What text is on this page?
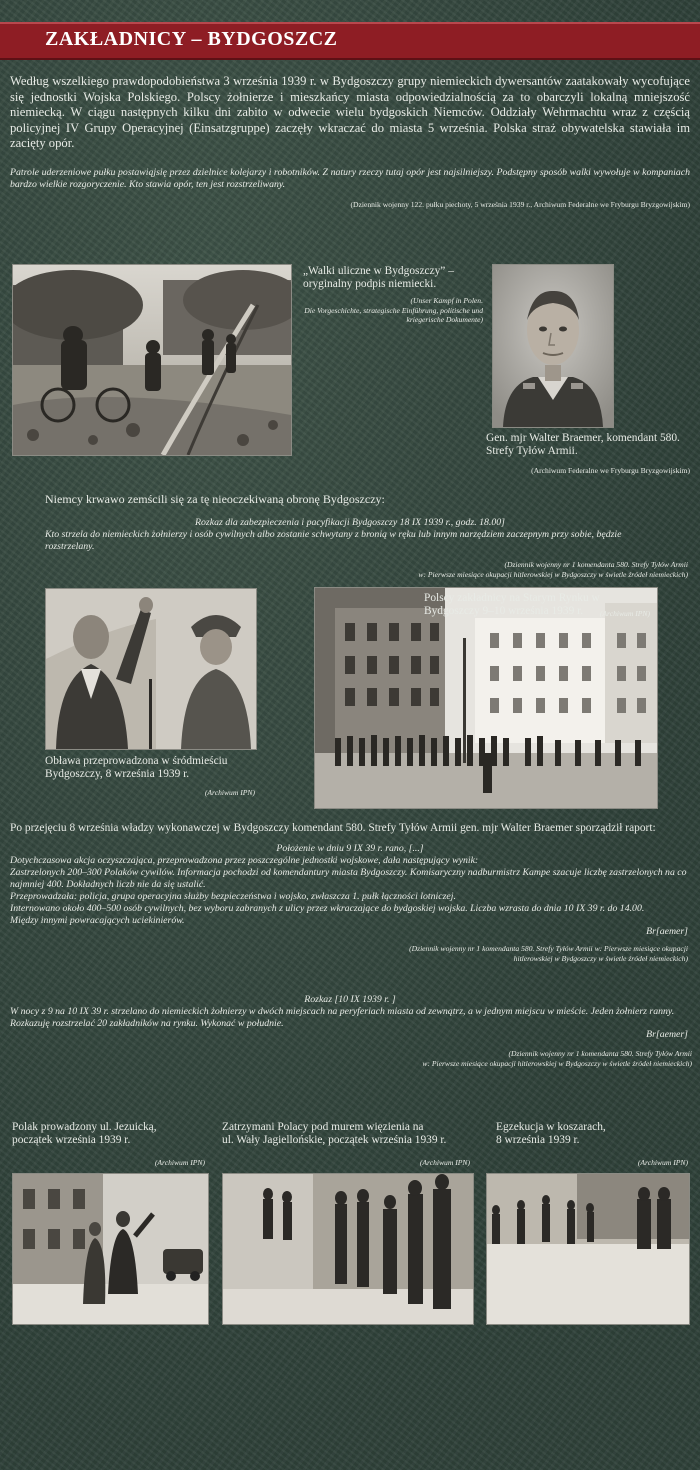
ZAKŁADNICY – BYDGOSZCZ
Według wszelkiego prawdopodobieństwa 3 września 1939 r. w Bydgoszczy grupy niemieckich dywersantów zaatakowały wycofujące się jednostki Wojska Polskiego. Polscy żołnierze i mieszkańcy miasta odpowiedzialnością za to obarczyli lokalną mniejszość niemiecką. W ciągu następnych kilku dni zabito w odwecie wielu bydgoskich Niemców. Oddziały Wehrmachtu wraz z częścią policyjnej IV Grupy Operacyjnej (Einsatzgruppe) zaczęły wkraczać do miasta 5 września. Polska straż obywatelska stawiała im zacięty opór.
Patrole uderzeniowe pułku postawiąjsię przez dzielnice kolejarzy i robotników. Z natury rzeczy tutaj opór jest najsilniejszy. Podstępny sposób walki wywołuje w kompaniach bardzo wielkie rozgoryczenie. Kto stawia opór, ten jest rozstrzeliwany.
(Dziennik wojenny 122. pułku piechoty, 5 września 1939 r., Archiwum Federalne we Fryburgu Bryzgowijskim)
„Walki uliczne w Bydgoszczy” – oryginalny podpis niemiecki.
(Unser Kampf in Polen.
Die Vorgeschichte, strategische Einführung, politische und kriegerische Dokumente)
Gen. mjr Walter Braemer, komendant 580. Strefy Tyłów Armii.
(Archiwum Federalne we Fryburgu Bryzgowijskim)
Niemcy krwawo zemścili się za tę nieoczekiwaną obronę Bydgoszczy:
Rozkaz dla zabezpieczenia i pacyfikacji Bydgoszczy 18 IX 1939 r., godz. 18.00]
Kto strzela do niemieckich żołnierzy i osób cywilnych albo zostanie schwytany z bronią w ręku lub innym narzędziem zaczepnym przy sobie, będzie rozstrzelany.
(Dziennik wojenny nr 1 komendanta 580. Strefy Tyłów Armii
w: Pierwsze miesiące okupacji hitlerowskiej w Bydgoszczy w świetle źródeł niemieckich)
Obława przeprowadzona w śródmieściu Bydgoszczy, 8 września 1939 r.
(Archiwum IPN)
Polscy zakładnicy na Starym Rynku w Bydgoszczy 9–10 września 1939 r.	(Archiwum IPN)
Po przejęciu 8 września władzy wykonawczej w Bydgoszczy komendant 580. Strefy Tyłów Armii gen. mjr Walter Braemer sporządził raport:
Położenie w dniu 9 IX 39 r. rano, [...]
Dotychczasowa akcja oczyszczająca, przeprowadzona przez poszczególne jednostki wojskowe, dała następujący wynik:
Zastrzelonych 200–300 Polaków cywilów. Informacja pochodzi od komendantury miasta Bydgoszczy. Komisaryczny nadburmistrz Kampe szacuje liczbę zastrzelonych na co najmniej 400. Dokładnych liczb nie da się ustalić.
Przeprowadzała: policja, grupa operacyjna służby bezpieczeństwa i wojsko, zwłaszcza 1. pułk łączności lotniczej.
Internowano około 400–500 osób cywilnych, bez wyboru zabranych z ulicy przez wkraczające do bydgoskiej wojska. Liczba wzrasta do dnia 10 IX 39 r. do 14.00.
Między innymi powracających uciekinierów.
Br[aemer]
(Dziennik wojenny nr 1 komendanta 580. Strefy Tyłów Armii w: Pierwsze miesiące okupacji
hitlerowskiej w Bydgoszczy w świetle źródeł niemieckich)
Rozkaz [10 IX 1939 r. ]
W nocy z 9 na 10 IX 39 r. strzelano do niemieckich żołnierzy w dwóch miejscach na peryferiach miasta od zewnątrz, a w jednym miejscu w mieście. Jeden żołnierz ranny. Rozkazuję rozstrzelać 20 zakładników na rynku. Wykonać w południe.
Br[aemer]
(Dziennik wojenny nr 1 komendanta 580. Strefy Tyłów Armii
w: Pierwsze miesiące okupacji hitlerowskiej w Bydgoszczy w świetle źródeł niemieckich)
Polak prowadzony ul. Jezuicką,
początek września 1939 r.
(Archiwum IPN)
Zatrzymani Polacy pod murem więzienia na
ul. Wały Jagiellońskie, początek września 1939 r.
(Archiwum IPN)
Egzekucja w koszarach,
8 września 1939 r.
(Archiwum IPN)
